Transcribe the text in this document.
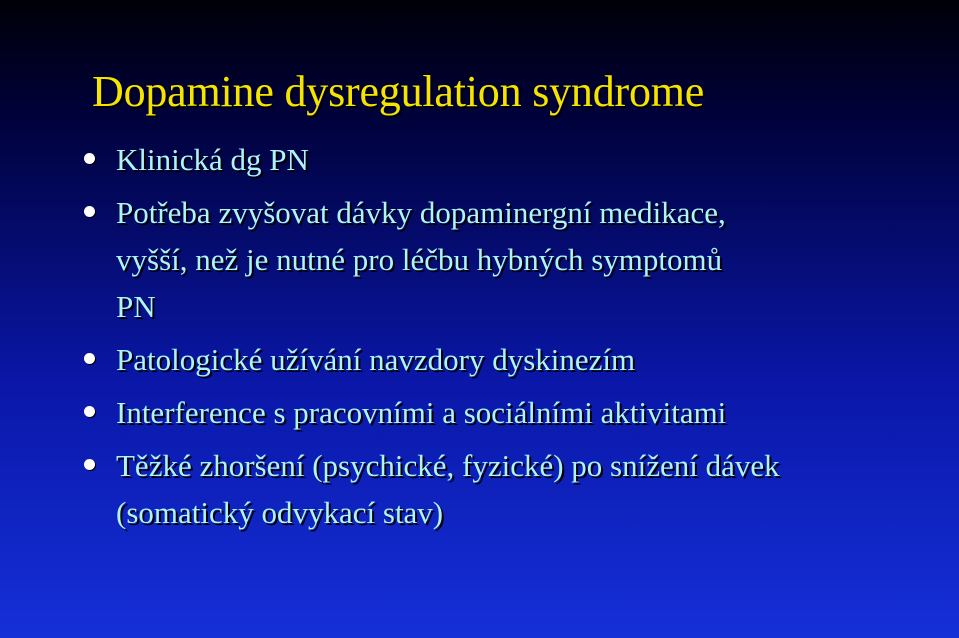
Dopamine dysregulation syndrome
Klinická dg PN
Potřeba zvyšovat dávky dopaminergní medikace, vyšší, než je nutné pro léčbu hybných symptomů PN
Patologické užívání navzdory dyskinezím
Interference s pracovními a sociálními aktivitami
Těžké zhoršení (psychické, fyzické) po snížení dávek (somatický odvykací stav)
